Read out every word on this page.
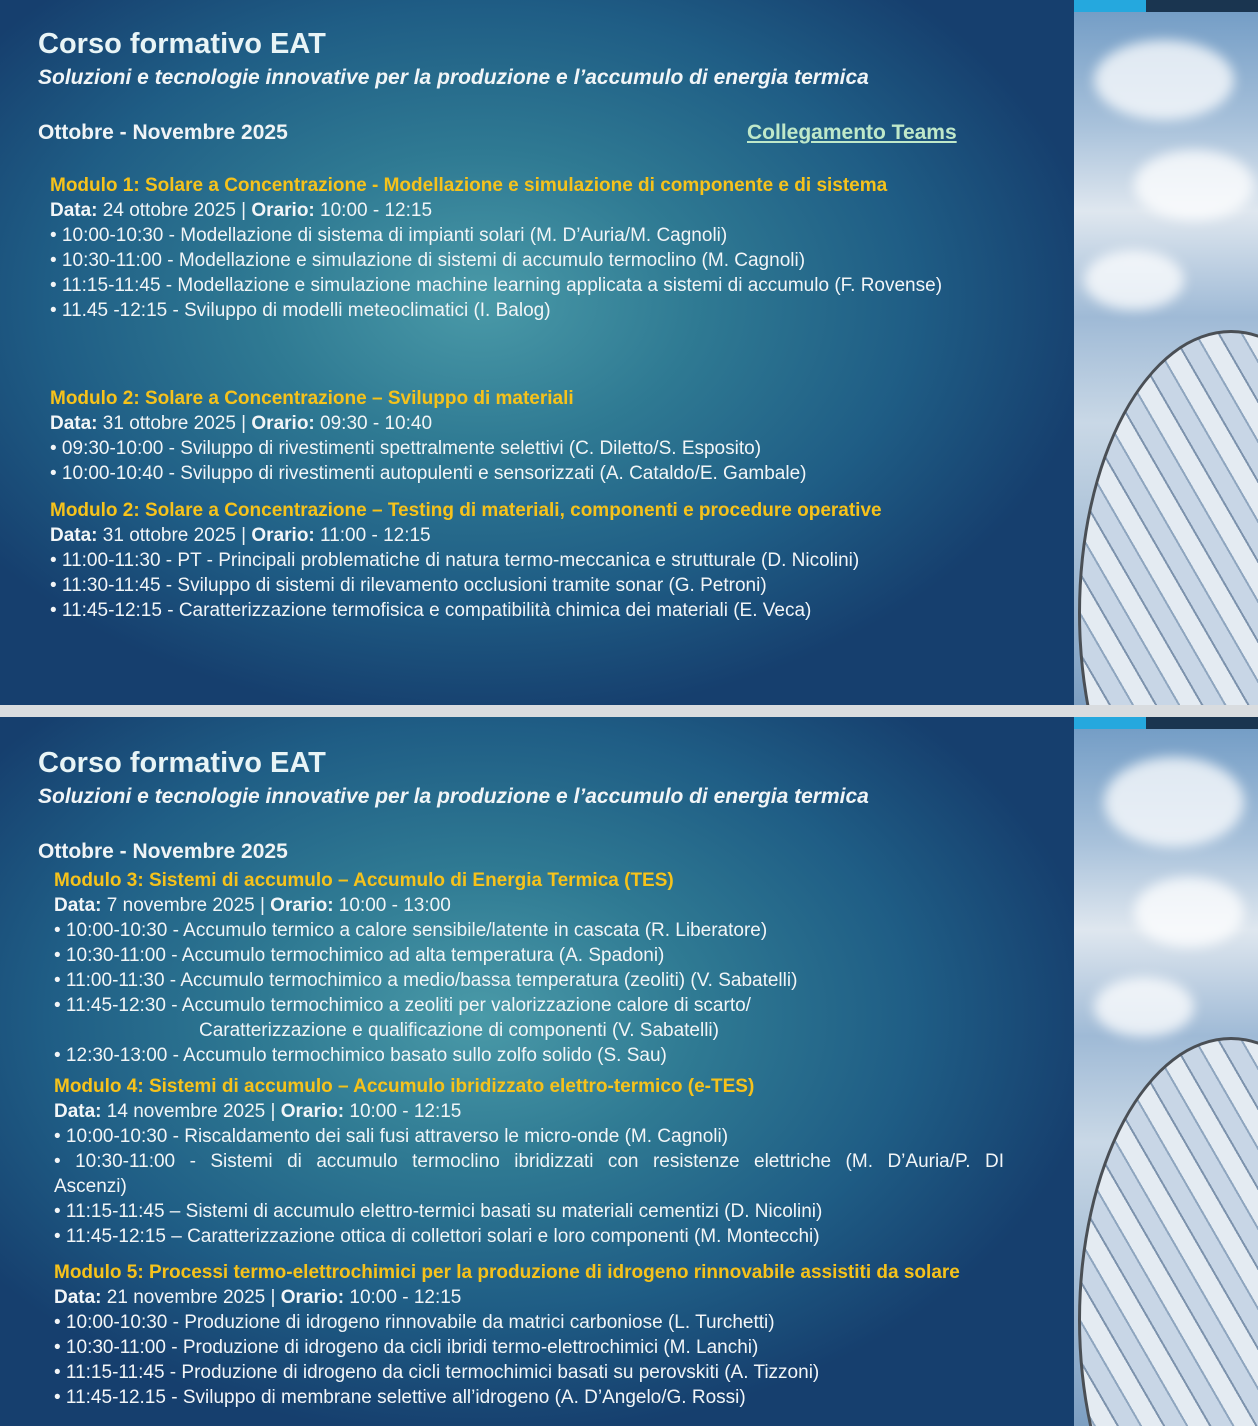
Corso formativo EAT
Soluzioni e tecnologie innovative per la produzione e l’accumulo di energia termica
Ottobre - Novembre 2025	Collegamento Teams
Modulo 1: Solare a Concentrazione - Modellazione e simulazione di componente e di sistema
Data: 24 ottobre 2025 | Orario: 10:00 - 12:15
• 10:00-10:30 - Modellazione di sistema di impianti solari (M. D’Auria/M. Cagnoli)
• 10:30-11:00 - Modellazione e simulazione di sistemi di accumulo termoclino (M. Cagnoli)
• 11:15-11:45 - Modellazione e simulazione machine learning applicata a sistemi di accumulo (F. Rovense)
• 11.45 -12:15 - Sviluppo di modelli meteoclimatici (I. Balog)
Modulo 2: Solare a Concentrazione – Sviluppo di materiali
Data: 31 ottobre 2025 | Orario: 09:30 - 10:40
• 09:30-10:00 - Sviluppo di rivestimenti spettralmente selettivi (C. Diletto/S. Esposito)
• 10:00-10:40 - Sviluppo di rivestimenti autopulenti e sensorizzati (A. Cataldo/E. Gambale)
Modulo 2: Solare a Concentrazione – Testing di materiali, componenti e procedure operative
Data: 31 ottobre 2025 | Orario: 11:00 - 12:15
• 11:00-11:30 - PT - Principali problematiche di natura termo-meccanica e strutturale (D. Nicolini)
• 11:30-11:45 - Sviluppo di sistemi di rilevamento occlusioni tramite sonar (G. Petroni)
• 11:45-12:15 - Caratterizzazione termofisica e compatibilità chimica dei materiali (E. Veca)
Corso formativo EAT
Soluzioni e tecnologie innovative per la produzione e l’accumulo di energia termica
Ottobre - Novembre 2025
Modulo 3: Sistemi di accumulo – Accumulo di Energia Termica (TES)
Data: 7 novembre 2025 | Orario: 10:00 - 13:00
• 10:00-10:30 - Accumulo termico a calore sensibile/latente in cascata (R. Liberatore)
• 10:30-11:00 - Accumulo termochimico ad alta temperatura (A. Spadoni)
• 11:00-11:30 - Accumulo termochimico a medio/bassa temperatura (zeoliti) (V. Sabatelli)
• 11:45-12:30 - Accumulo termochimico a zeoliti per valorizzazione calore di scarto/
Caratterizzazione e qualificazione di componenti (V. Sabatelli)
• 12:30-13:00 - Accumulo termochimico basato sullo zolfo solido (S. Sau)
Modulo 4: Sistemi di accumulo – Accumulo ibridizzato elettro-termico (e-TES)
Data: 14 novembre 2025 | Orario: 10:00 - 12:15
• 10:00-10:30 - Riscaldamento dei sali fusi attraverso le micro-onde (M. Cagnoli)
• 10:30-11:00 - Sistemi di accumulo termoclino ibridizzati con resistenze elettriche (M. D’Auria/P. DI Ascenzi)
• 11:15-11:45 – Sistemi di accumulo elettro-termici basati su materiali cementizi (D. Nicolini)
• 11:45-12:15 – Caratterizzazione ottica di collettori solari e loro componenti (M. Montecchi)
Modulo 5: Processi termo-elettrochimici per la produzione di idrogeno rinnovabile assistiti da solare
Data: 21 novembre 2025 | Orario: 10:00 - 12:15
• 10:00-10:30 - Produzione di idrogeno rinnovabile da matrici carboniose (L. Turchetti)
• 10:30-11:00 - Produzione di idrogeno da cicli ibridi termo-elettrochimici (M. Lanchi)
• 11:15-11:45 - Produzione di idrogeno da cicli termochimici basati su perovskiti (A. Tizzoni)
• 11:45-12.15 - Sviluppo di membrane selettive all’idrogeno (A. D’Angelo/G. Rossi)
